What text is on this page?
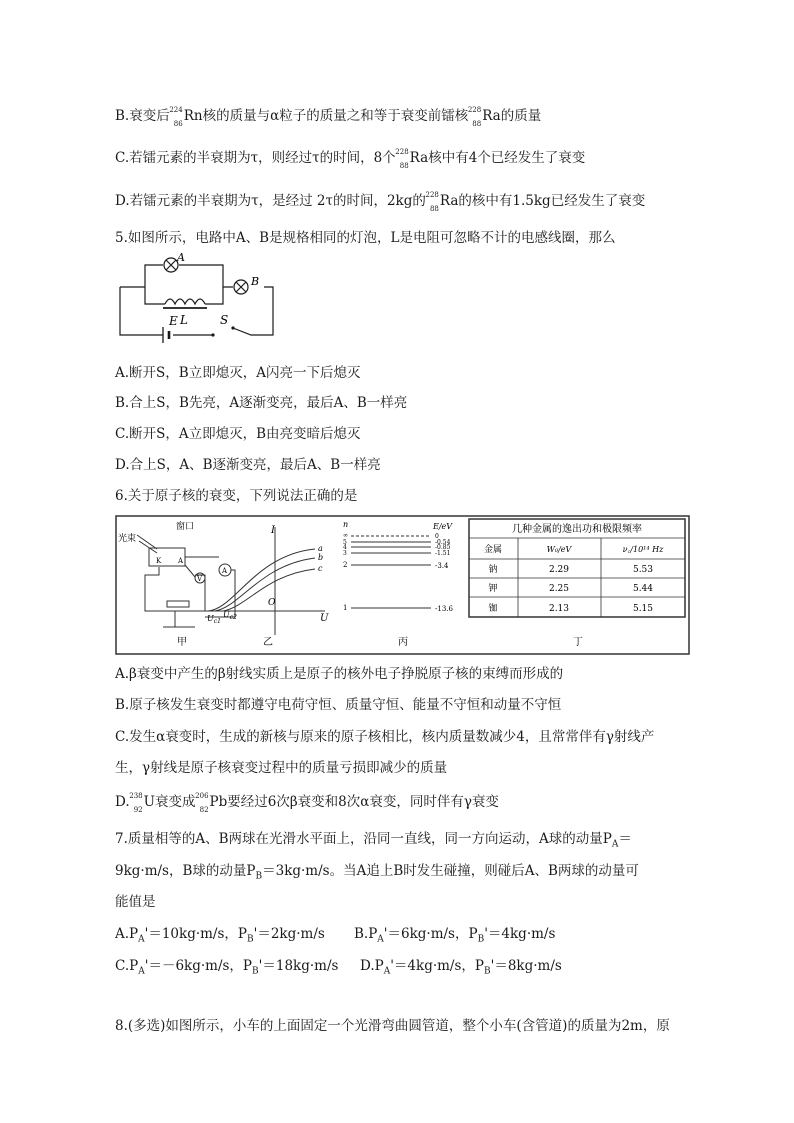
B.衰变后 224
86 Rn核的质量与α粒子的质量之和等于衰变前镭核 228
88 Ra的质量
C.若镭元素的半衰期为τ，则经过τ的时间，8个 228
88 Ra核中有4个已经发生了衰变
D.若镭元素的半衰期为τ，是经过 2τ的时间，2kg的 228
88 Ra的核中有1.5kg已经发生了衰变
5.如图所示，电路中A、B是规格相同的灯泡，L是电阻可忽略不计的电感线圈，那么
A
B
L
E	S
A.断开S，B立即熄灭，A闪亮一下后熄灭
B.合上S，B先亮，A逐渐变亮，最后A、B一样亮
C.断开S，A立即熄灭，B由亮变暗后熄灭
D.合上S，A、B逐渐变亮，最后A、B一样亮
6.关于原子核的衰变，下列说法正确的是
窗口
光束
K A
V
A
甲
I
U
O
$U_{c1}$
$U_{c2}$
a
b
c
乙
n	E/eV
∞
5
4
3
2
1
0
-0.54
-0.85
-1.51
-3.4
-13.6
丙
几种金属的逸出功和极限频率
金属	W₀/eV	ν꜀/10¹⁴ Hz
钠	2.29	5.53
钾	2.25	5.44
铷	2.13	5.15
丁
A.β衰变中产生的β射线实质上是原子的核外电子挣脱原子核的束缚而形成的
B.原子核发生衰变时都遵守电荷守恒、质量守恒、能量不守恒和动量不守恒
C.发生α衰变时，生成的新核与原来的原子核相比，核内质量数减少4，且常常伴有γ射线产
生，γ射线是原子核衰变过程中的质量亏损即减少的质量
D. 238
92 U衰变成 206
82 Pb要经过6次β衰变和8次α衰变，同时伴有γ衰变
7.质量相等的A、B两球在光滑水平面上，沿同一直线，同一方向运动，A球的动量$P_A=$
9kg·m/s，B球的动量$P_B=3kg\cdot m/s$。当A追上B时发生碰撞，则碰后A、B两球的动量可
能值是
$A.P_A'=10kg\cdot m/s$，$P_B'=2kg\cdot m/s$ $B.P_A'=6kg\cdot m/s$，$P_B'=4kg\cdot m/s$
$C.P_A'=-6kg\cdot m/s$，$P_B'=18kg\cdot m/s$ $D.P_A'=4kg\cdot m/s$，$P_B'=8kg\cdot m/s$
8.(多选)如图所示，小车的上面固定一个光滑弯曲圆管道，整个小车(含管道)的质量为2m，原
